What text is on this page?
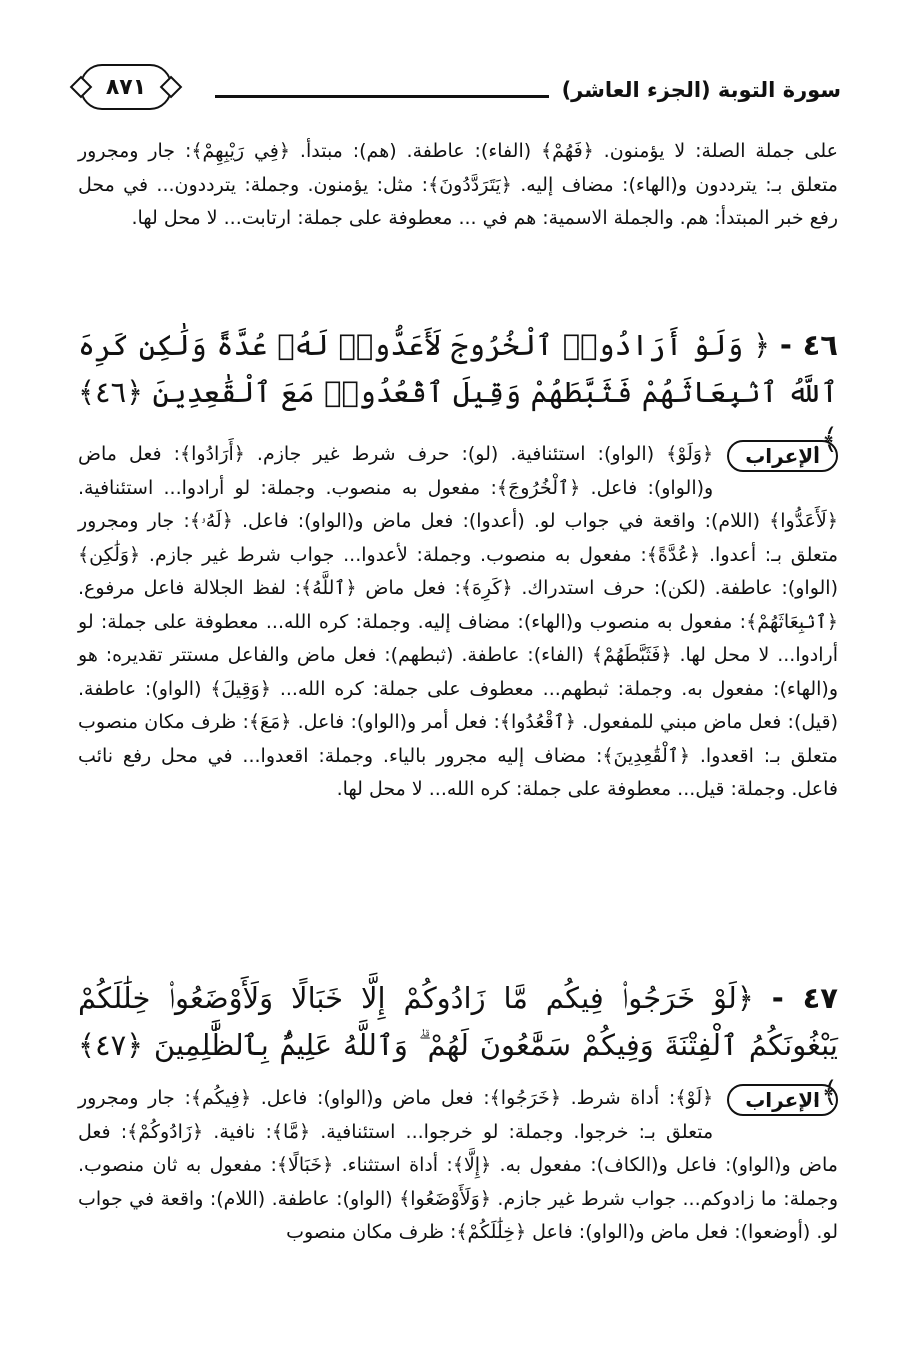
سورة التوبة (الجزء العاشر)
٨٧١
على جملة الصلة: لا يؤمنون. ﴿فَهُمْ﴾ (الفاء): عاطفة. (هم): مبتدأ. ﴿فِي رَيْبِهِمْ﴾: جار ومجرور متعلق بـ: يترددون و(الهاء): مضاف إليه. ﴿يَتَرَدَّدُونَ﴾: مثل: يؤمنون. وجملة: يترددون... في محل رفع خبر المبتدأ: هم. والجملة الاسمية: هم في ... معطوفة على جملة: ارتابت... لا محل لها.
٤٦ - ﴿ وَلَوْ أَرَادُوا۟ ٱلْخُرُوجَ لَأَعَدُّوا۟ لَهُۥ عُدَّةً وَلَٰكِن كَرِهَ ٱللَّهُ ٱنۢبِعَاثَهُمْ فَثَبَّطَهُمْ وَقِيلَ ٱقْعُدُوا۟ مَعَ ٱلْقَٰعِدِينَ ﴿٤٦﴾ ﴾.
الإعراب
﴿وَلَوْ﴾ (الواو): استئنافية. (لو): حرف شرط غير جازم. ﴿أَرَادُوا﴾: فعل ماض و(الواو): فاعل. ﴿ٱلْخُرُوجَ﴾: مفعول به منصوب. وجملة: لو أرادوا... استئنافية. ﴿لَأَعَدُّوا﴾ (اللام): واقعة في جواب لو. (أعدوا): فعل ماض و(الواو): فاعل. ﴿لَهُۥ﴾: جار ومجرور متعلق بـ: أعدوا. ﴿عُدَّةً﴾: مفعول به منصوب. وجملة: لأعدوا... جواب شرط غير جازم. ﴿وَلَٰكِن﴾ (الواو): عاطفة. (لكن): حرف استدراك. ﴿كَرِهَ﴾: فعل ماض ﴿ٱللَّهُ﴾: لفظ الجلالة فاعل مرفوع. ﴿ٱنۢبِعَاثَهُمْ﴾: مفعول به منصوب و(الهاء): مضاف إليه. وجملة: كره الله... معطوفة على جملة: لو أرادوا... لا محل لها. ﴿فَثَبَّطَهُمْ﴾ (الفاء): عاطفة. (ثبطهم): فعل ماض والفاعل مستتر تقديره: هو و(الهاء): مفعول به. وجملة: ثبطهم... معطوف على جملة: كره الله... ﴿وَقِيلَ﴾ (الواو): عاطفة. (قيل): فعل ماض مبني للمفعول. ﴿ٱقْعُدُوا﴾: فعل أمر و(الواو): فاعل. ﴿مَعَ﴾: ظرف مكان منصوب متعلق بـ: اقعدوا. ﴿ٱلْقَٰعِدِينَ﴾: مضاف إليه مجرور بالياء. وجملة: اقعدوا... في محل رفع نائب فاعل. وجملة: قيل... معطوفة على جملة: كره الله... لا محل لها.
٤٧ - ﴿لَوْ خَرَجُوا۟ فِيكُم مَّا زَادُوكُمْ إِلَّا خَبَالًا وَلَأَوْضَعُوا۟ خِلَٰلَكُمْ يَبْغُونَكُمُ ٱلْفِتْنَةَ وَفِيكُمْ سَمَّٰعُونَ لَهُمْ ۗ وَٱللَّهُ عَلِيمٌۢ بِٱلظَّٰلِمِينَ ﴿٤٧﴾ ﴾.
الإعراب
﴿لَوْ﴾: أداة شرط. ﴿خَرَجُوا﴾: فعل ماض و(الواو): فاعل. ﴿فِيكُم﴾: جار ومجرور متعلق بـ: خرجوا. وجملة: لو خرجوا... استئنافية. ﴿مَّا﴾: نافية. ﴿زَادُوكُمْ﴾: فعل ماض و(الواو): فاعل و(الكاف): مفعول به. ﴿إِلَّا﴾: أداة استثناء. ﴿خَبَالًا﴾: مفعول به ثان منصوب. وجملة: ما زادوكم... جواب شرط غير جازم. ﴿وَلَأَوْضَعُوا﴾ (الواو): عاطفة. (اللام): واقعة في جواب لو. (أوضعوا): فعل ماض و(الواو): فاعل ﴿خِلَٰلَكُمْ﴾: ظرف مكان منصوب
